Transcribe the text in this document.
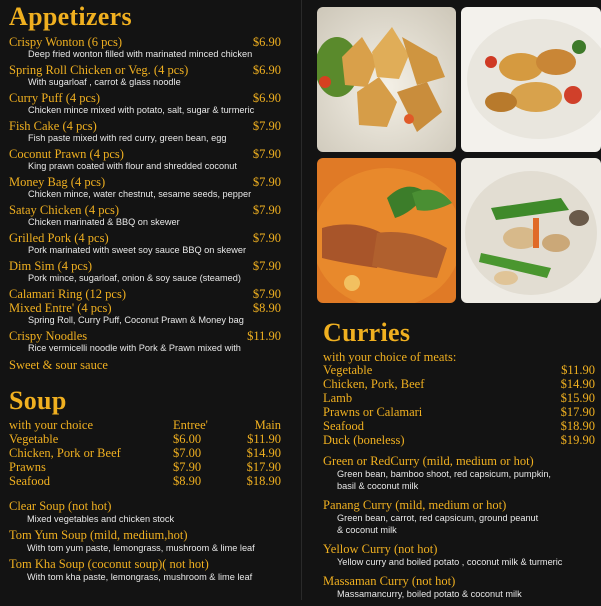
Appetizers
Crispy Wonton (6 pcs)	$6.90
Deep fried wonton filled with marinated minced chicken
Spring Roll Chicken or Veg. (4 pcs)	$6.90
With sugarloaf , carrot & glass noodle
Curry Puff (4 pcs)	$6.90
Chicken mince mixed with potato, salt, sugar & turmeric
Fish Cake (4 pcs)	$7.90
Fish paste mixed with red curry, green bean, egg
Coconut Prawn (4 pcs)	$7.90
King prawn coated with flour and shredded coconut
Money Bag (4 pcs)	$7.90
Chicken mince, water chestnut, sesame seeds, pepper
Satay Chicken (4 pcs)	$7.90
Chicken marinated & BBQ on skewer
Grilled Pork (4 pcs)	$7.90
Pork marinated with sweet soy sauce BBQ on skewer
Dim Sim (4 pcs)	$7.90
Pork mince, sugarloaf, onion & soy sauce (steamed)
Calamari Ring (12 pcs)	$7.90
Mixed Entre' (4 pcs)	$8.90
Spring Roll, Curry Puff, Coconut Prawn & Money bag
Crispy Noodles	$11.90
Rice vermicelli noodle with Pork & Prawn mixed with
Sweet & sour sauce
Soup
with your choice	Entree'	Main
Vegetable	$6.00	$11.90
Chicken, Pork or Beef	$7.00	$14.90
Prawns	$7.90	$17.90
Seafood	$8.90	$18.90
Clear Soup (not hot)
Mixed vegetables and chicken stock
Tom Yum Soup (mild, medium,hot)
With tom yum paste, lemongrass, mushroom & lime leaf
Tom Kha Soup (coconut soup)( not hot)
With tom kha paste, lemongrass, mushroom & lime leaf
Curries
with your choice of meats:
Vegetable	$11.90
Chicken, Pork, Beef	$14.90
Lamb	$15.90
Prawns or Calamari	$17.90
Seafood	$18.90
Duck (boneless)	$19.90
Green or RedCurry (mild, medium or hot)
Green bean, bamboo shoot, red capsicum, pumpkin,
basil & coconut milk
Panang Curry (mild, medium or hot)
Green bean, carrot, red capsicum, ground peanut
& coconut milk
Yellow Curry (not hot)
Yellow curry and boiled potato , coconut milk & turmeric
Massaman Curry (not hot)
Massamancurry, boiled potato & coconut milk
